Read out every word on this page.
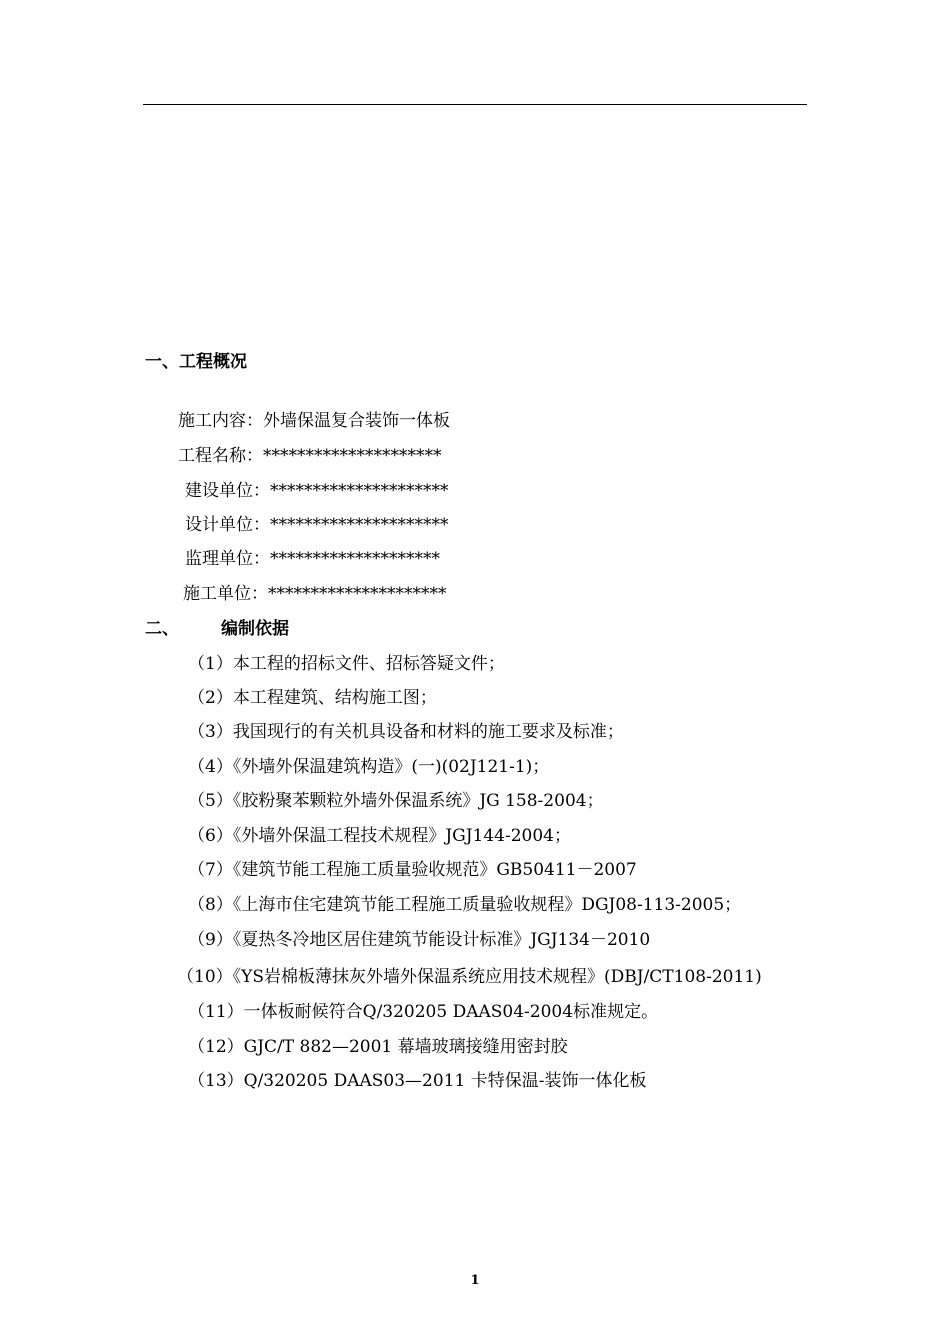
一、工程概况
施工内容：外墙保温复合装饰一体板
工程名称：*********************
建设单位：*********************
设计单位：*********************
监理单位：********************
施工单位：*********************
二、 编制依据
（1）本工程的招标文件、招标答疑文件；
（2）本工程建筑、结构施工图；
（3）我国现行的有关机具设备和材料的施工要求及标准；
（4）《外墙外保温建筑构造》(一)(02J121-1)；
（5）《胶粉聚苯颗粒外墙外保温系统》JG 158-2004；
（6）《外墙外保温工程技术规程》JGJ144-2004；
（7）《建筑节能工程施工质量验收规范》GB50411－2007
（8）《上海市住宅建筑节能工程施工质量验收规程》DGJ08-113-2005；
（9）《夏热冬冷地区居住建筑节能设计标准》JGJ134－2010
（10）《YS岩棉板薄抹灰外墙外保温系统应用技术规程》(DBJ/CT108-2011)
（11）一体板耐候符合Q/320205 DAAS04-2004标准规定。
（12）GJC/T 882—2001 幕墙玻璃接缝用密封胶
（13）Q/320205 DAAS03—2011 卡特保温-装饰一体化板
1
